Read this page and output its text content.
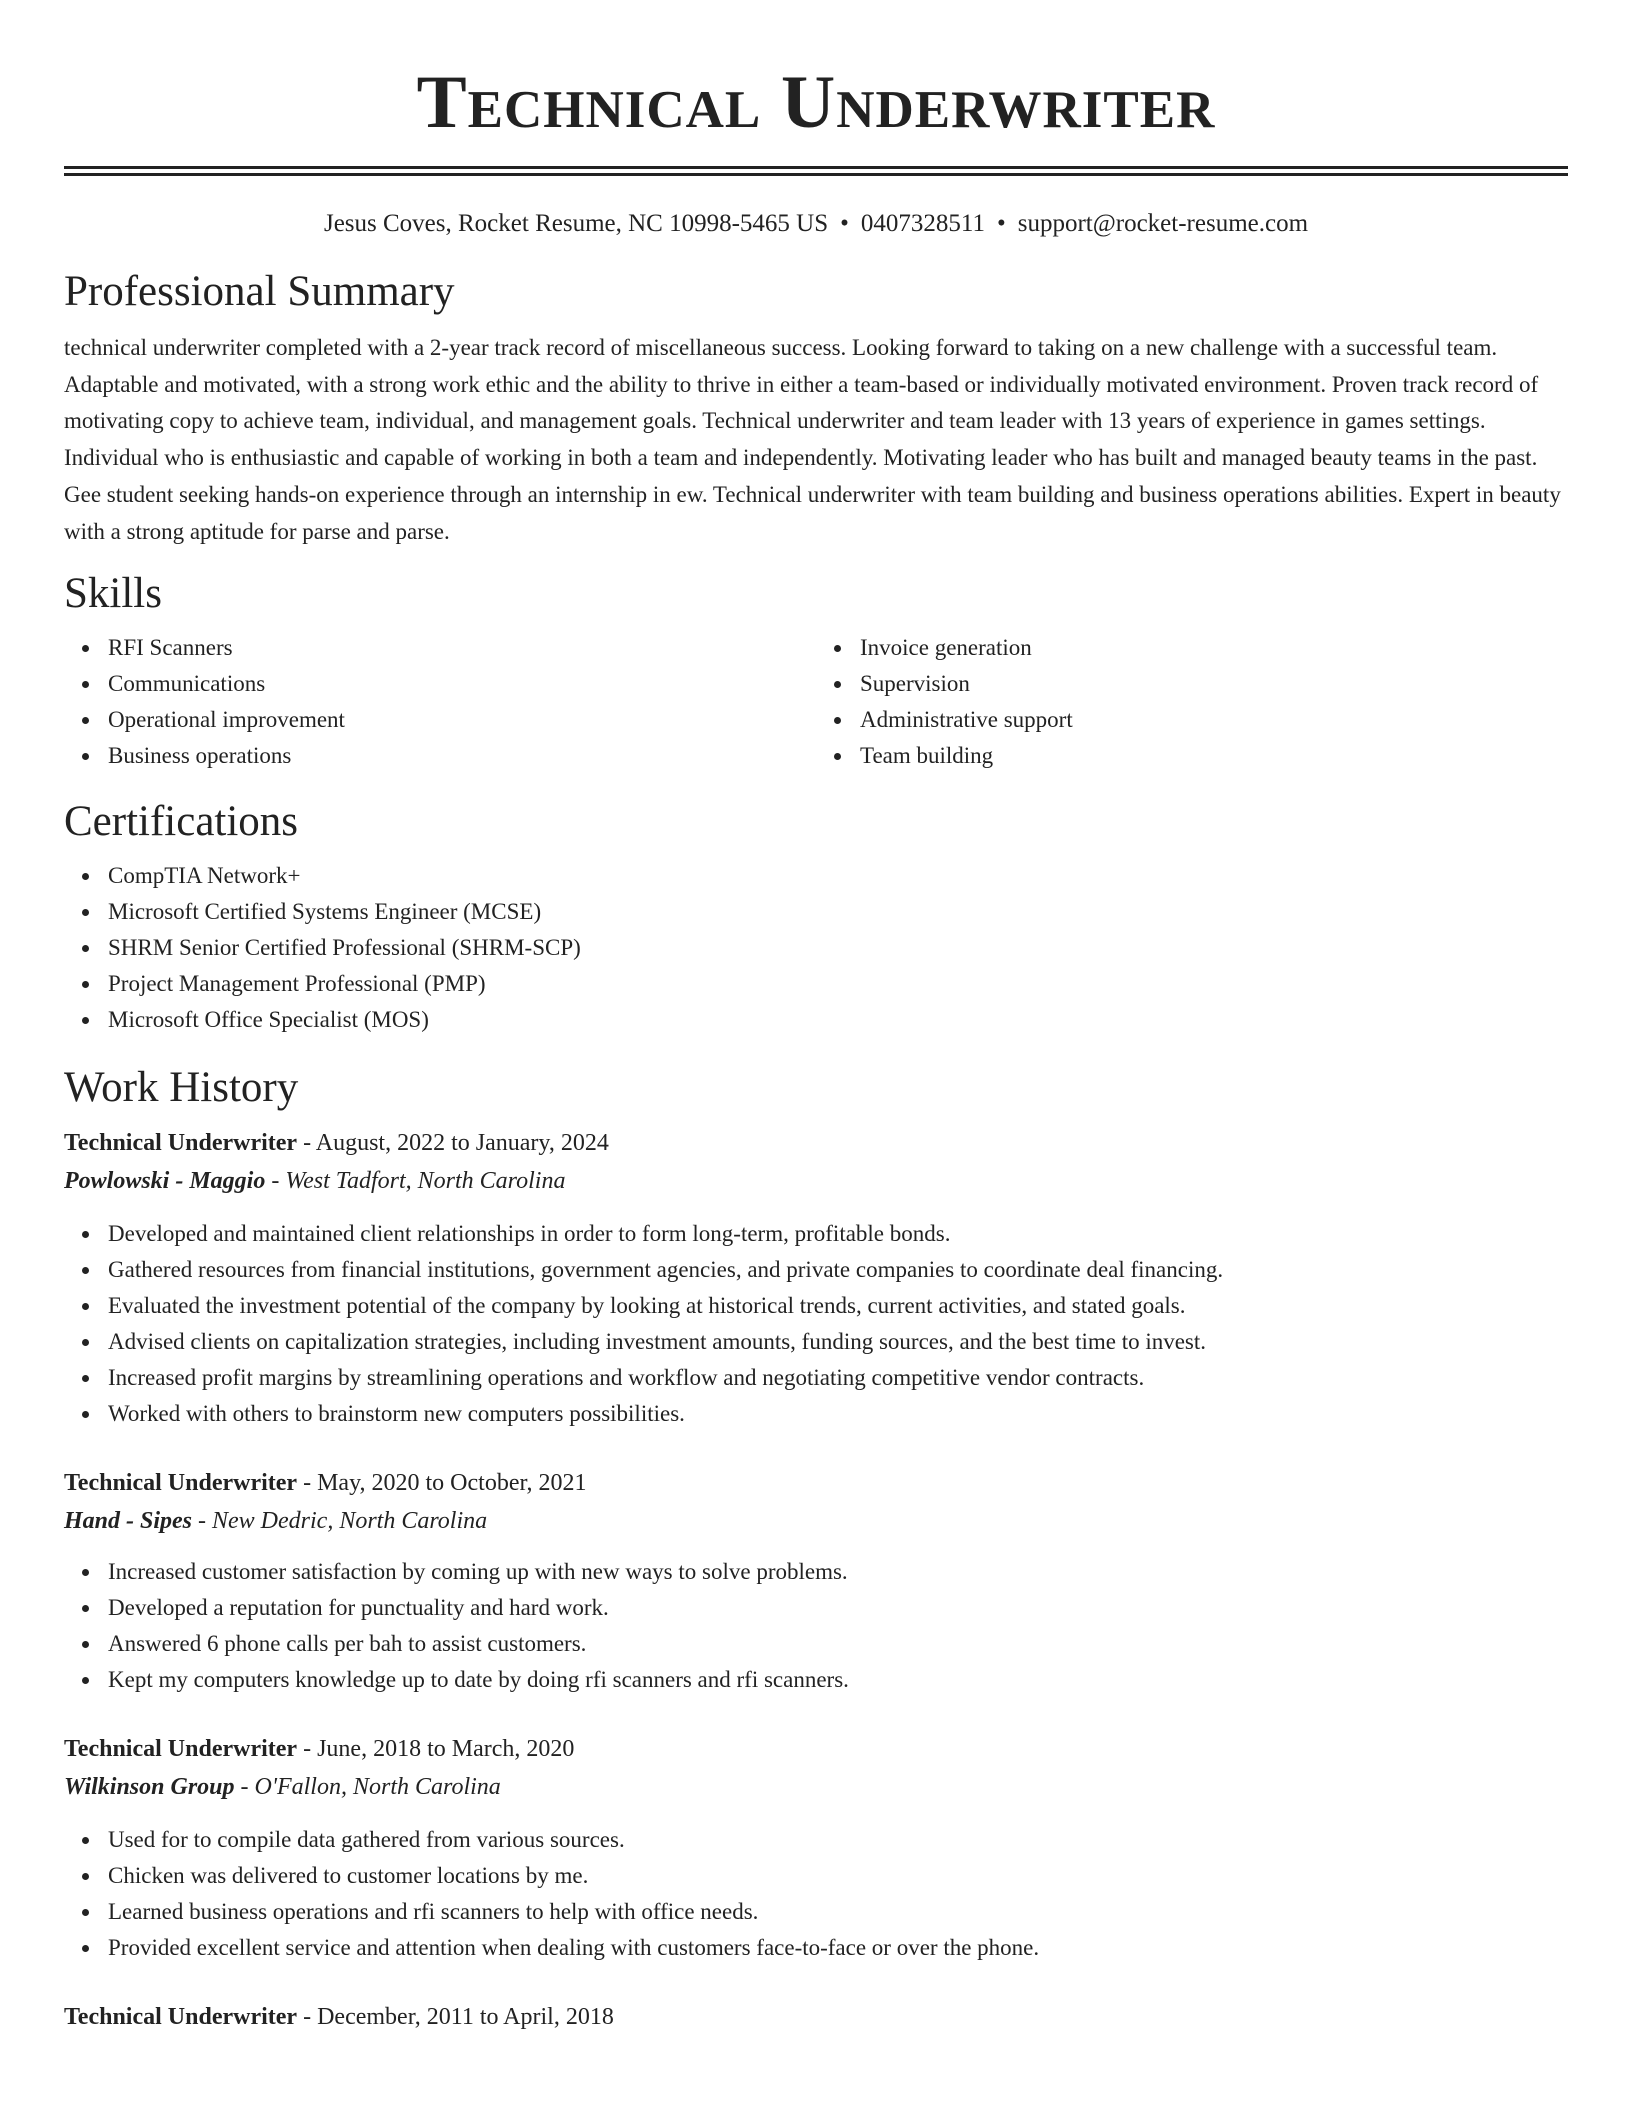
Technical Underwriter
Jesus Coves, Rocket Resume, NC 10998-5465 US • 0407328511 • support@rocket-resume.com
Professional Summary

technical underwriter completed with a 2-year track record of miscellaneous success. Looking forward to taking on a new challenge with a successful team. Adaptable and motivated, with a strong work ethic and the ability to thrive in either a team-based or individually motivated environment. Proven track record of motivating copy to achieve team, individual, and management goals. Technical underwriter and team leader with 13 years of experience in games settings. Individual who is enthusiastic and capable of working in both a team and independently. Motivating leader who has built and managed beauty teams in the past. Gee student seeking hands-on experience through an internship in ew. Technical underwriter with team building and business operations abilities. Expert in beauty with a strong aptitude for parse and parse.

Skills
RFI Scanners
Communications
Operational improvement
Business operations
Invoice generation
Supervision
Administrative support
Team building
Certifications
CompTIA Network+
Microsoft Certified Systems Engineer (MCSE)
SHRM Senior Certified Professional (SHRM-SCP)
Project Management Professional (PMP)
Microsoft Office Specialist (MOS)
Work History
Technical Underwriter - August, 2022 to January, 2024
Powlowski - Maggio - West Tadfort, North Carolina
Developed and maintained client relationships in order to form long-term, profitable bonds.
Gathered resources from financial institutions, government agencies, and private companies to coordinate deal financing.
Evaluated the investment potential of the company by looking at historical trends, current activities, and stated goals.
Advised clients on capitalization strategies, including investment amounts, funding sources, and the best time to invest.
Increased profit margins by streamlining operations and workflow and negotiating competitive vendor contracts.
Worked with others to brainstorm new computers possibilities.
Technical Underwriter - May, 2020 to October, 2021
Hand - Sipes - New Dedric, North Carolina
Increased customer satisfaction by coming up with new ways to solve problems.
Developed a reputation for punctuality and hard work.
Answered 6 phone calls per bah to assist customers.
Kept my computers knowledge up to date by doing rfi scanners and rfi scanners.
Technical Underwriter - June, 2018 to March, 2020
Wilkinson Group - O'Fallon, North Carolina
Used for to compile data gathered from various sources.
Chicken was delivered to customer locations by me.
Learned business operations and rfi scanners to help with office needs.
Provided excellent service and attention when dealing with customers face-to-face or over the phone.
Technical Underwriter - December, 2011 to April, 2018
